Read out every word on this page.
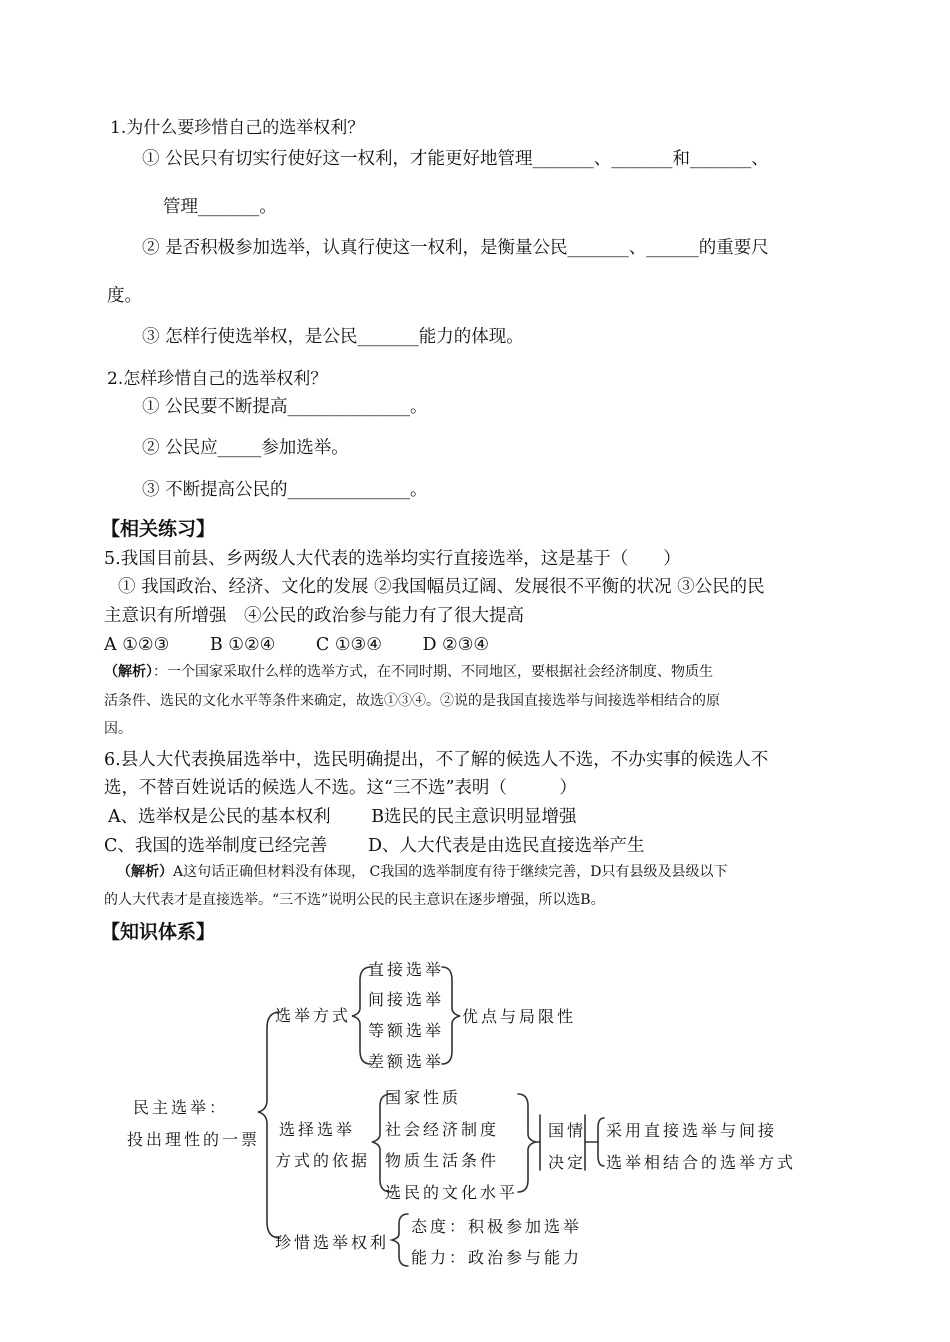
1.为什么要珍惜自己的选举权利？
① 公民只有切实行使好这一权利，才能更好地管理_______、_______和_______、
管理_______。
② 是否积极参加选举，认真行使这一权利，是衡量公民_______、______的重要尺
度。
③ 怎样行使选举权，是公民_______能力的体现。
2.怎样珍惜自己的选举权利？
① 公民要不断提高______________。
② 公民应_____参加选举。
③ 不断提高公民的______________。
【相关练习】
5.我国目前县、乡两级人大代表的选举均实行直接选举，这是基于（　　）
① 我国政治、经济、文化的发展 ②我国幅员辽阔、发展很不平衡的状况 ③公民的民
主意识有所增强　④公民的政治参与能力有了很大提高
A ①②③　　 B ①②④　　 C ①③④　　 D ②③④
（解析）：一个国家采取什么样的选举方式，在不同时期、不同地区，要根据社会经济制度、物质生
活条件、选民的文化水平等条件来确定，故选①③④。②说的是我国直接选举与间接选举相结合的原
因。
6.县人大代表换届选举中，选民明确提出，不了解的候选人不选，不办实事的候选人不
选，不替百姓说话的候选人不选。这“三不选”表明（　　　）
A、选举权是公民的基本权利　　 B选民的民主意识明显增强
C、我国的选举制度已经完善　　 D、人大代表是由选民直接选举产生
（解析）A这句话正确但材料没有体现， C我国的选举制度有待于继续完善，D只有县级及县级以下
的人大代表才是直接选举。“三不选”说明公民的民主意识在逐步增强，所以选B。
【知识体系】
民主选举：
投出理性的一票
选举方式
直接选举
间接选举
等额选举
差额选举
优点与局限性
选择选举
方式的依据
国家性质
社会经济制度
物质生活条件
选民的文化水平
国情
决定
采用直接选举与间接
选举相结合的选举方式
珍惜选举权利
态度：积极参加选举
能力：政治参与能力
